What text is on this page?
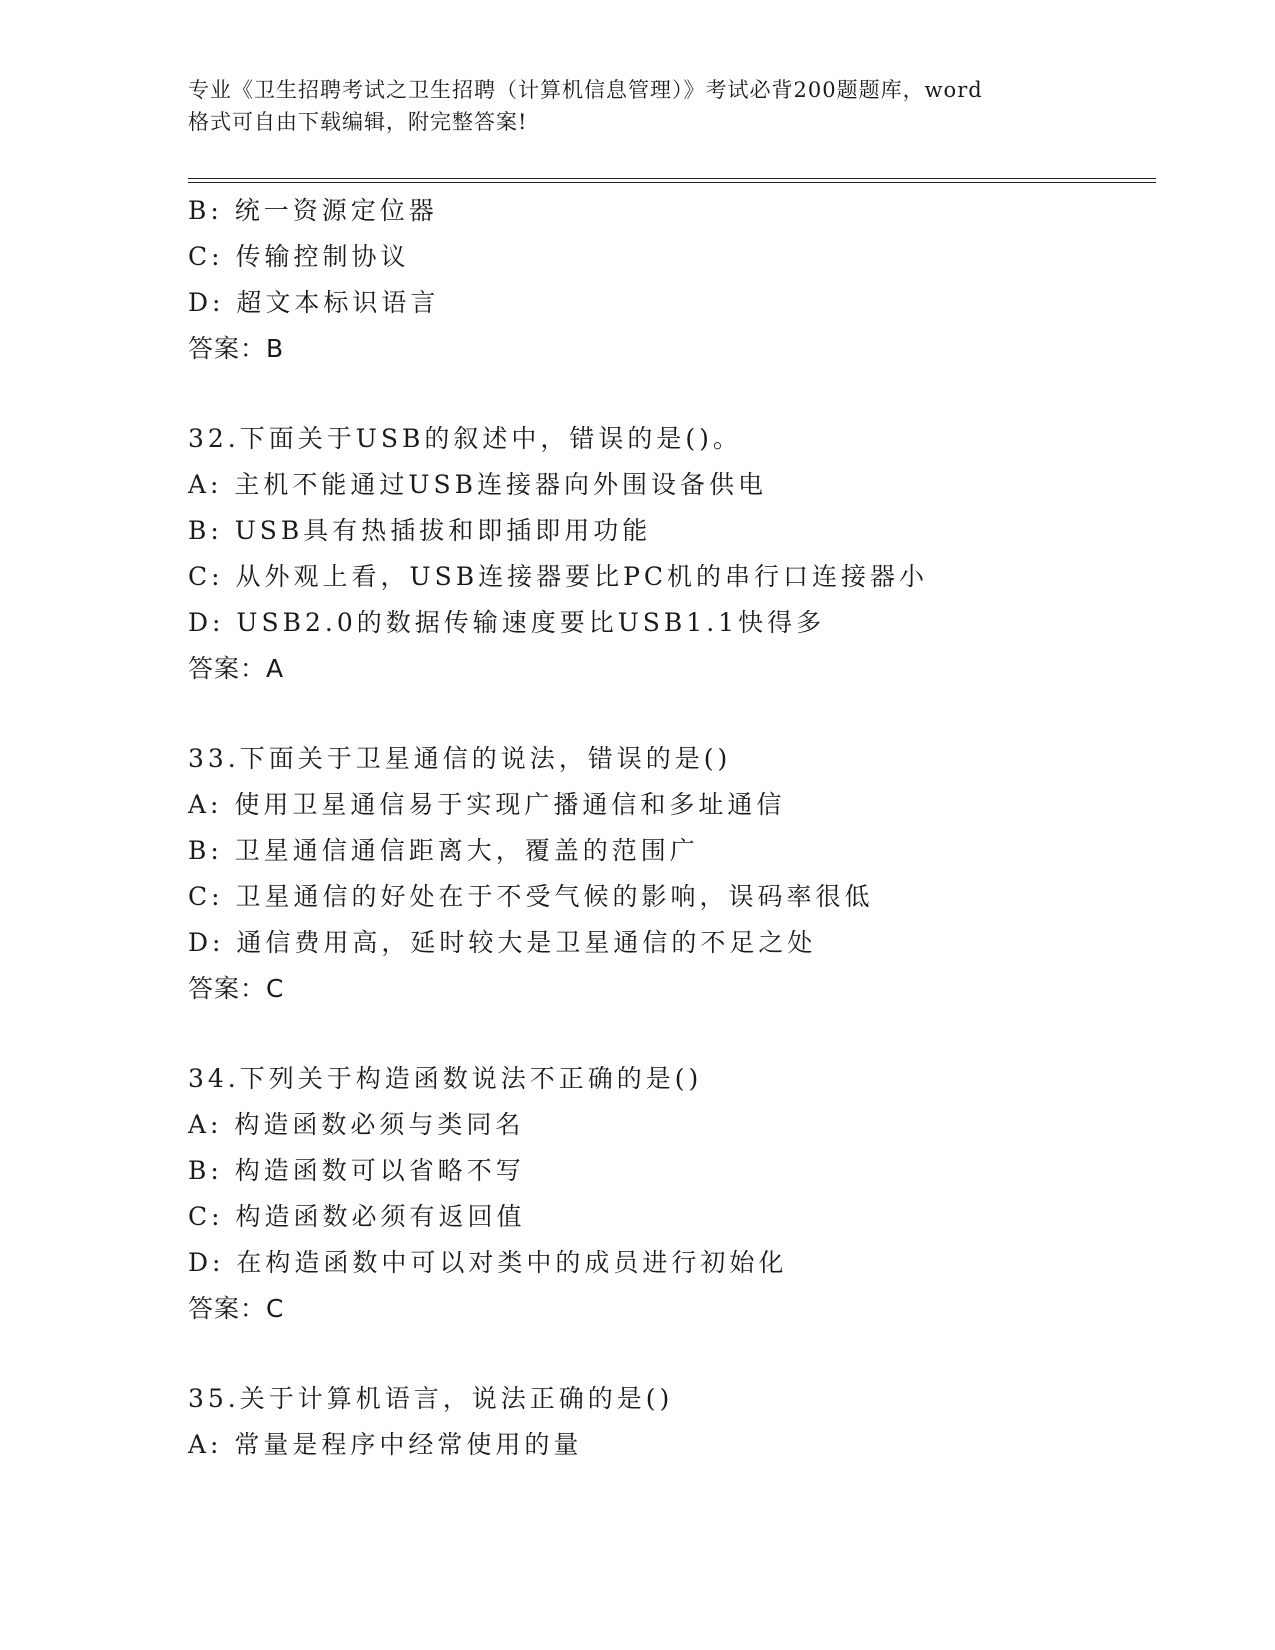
专业《卫生招聘考试之卫生招聘（计算机信息管理）》考试必背200题题库，word
格式可自由下载编辑，附完整答案!
B: 统一资源定位器
C: 传输控制协议
D: 超文本标识语言
答案：B
32.下面关于USB的叙述中，错误的是()。
A: 主机不能通过USB连接器向外围设备供电
B: USB具有热插拔和即插即用功能
C: 从外观上看，USB连接器要比PC机的串行口连接器小
D: USB2.0的数据传输速度要比USB1.1快得多
答案：A
33.下面关于卫星通信的说法，错误的是()
A: 使用卫星通信易于实现广播通信和多址通信
B: 卫星通信通信距离大，覆盖的范围广
C: 卫星通信的好处在于不受气候的影响，误码率很低
D: 通信费用高，延时较大是卫星通信的不足之处
答案：C
34.下列关于构造函数说法不正确的是()
A: 构造函数必须与类同名
B: 构造函数可以省略不写
C: 构造函数必须有返回值
D: 在构造函数中可以对类中的成员进行初始化
答案：C
35.关于计算机语言，说法正确的是()
A: 常量是程序中经常使用的量
